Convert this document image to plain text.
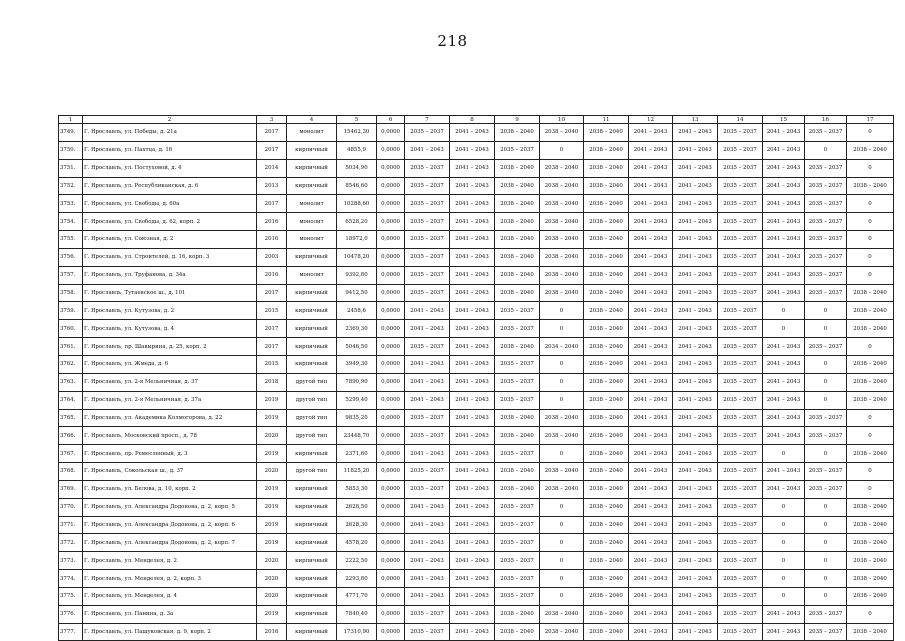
218
1	2	3	4	5	6	7	8	9	10	11	12	13	14	15	16	17
3749.	Г. Ярославль, ул. Победы, д. 21а	2017	монолит	15462,30	0,0000	2035 – 2037	2041 – 2043	2038 – 2040	2038 – 2040	2038 – 2040	2041 – 2043	2041 – 2043	2035 – 2037	2041 – 2043	2035 – 2037	0
3750.	Г. Ярославль, ул. Пахтца, д. 16	2017	кирпичный	4855,9	0,0000	2041 – 2043	2041 – 2043	2035 – 2037	0	2038 – 2040	2041 – 2043	2041 – 2043	2035 – 2037	2041 – 2043	0	2038 – 2040
3751.	Г. Ярославль, ул. Постуховой, д. 4	2014	кирпичный	5034,90	0,0000	2035 – 2037	2041 – 2043	2038 – 2040	2038 – 2040	2038 – 2040	2041 – 2043	2041 – 2043	2035 – 2037	2041 – 2043	2035 – 2037	0
3752.	Г. Ярославль, ул. Республиканская, д. 6	2013	кирпичный	8546,60	0,0000	2035 – 2037	2041 – 2043	2038 – 2040	2038 – 2040	2038 – 2040	2041 – 2043	2041 – 2043	2035 – 2037	2041 – 2043	2035 – 2037	2038 – 2040
3753.	Г. Ярославль, ул. Свободы, д. 60а	2017	монолит	10288,60	0,0000	2035 – 2037	2041 – 2043	2038 – 2040	2038 – 2040	2038 – 2040	2041 – 2043	2041 – 2043	2035 – 2037	2041 – 2043	2035 – 2037	0
3754.	Г. Ярославль, ул. Свободы, д. 62, корп. 2	2016	монолит	6528,20	0,0000	2035 – 2037	2041 – 2043	2038 – 2040	2038 – 2040	2038 – 2040	2041 – 2043	2041 – 2043	2035 – 2037	2041 – 2043	2035 – 2037	0
3755.	Г. Ярославль, ул. Союзная, д. 2	2016	монолит	18972,0	0,0000	2035 – 2037	2041 – 2043	2038 – 2040	2038 – 2040	2038 – 2040	2041 – 2043	2041 – 2043	2035 – 2037	2041 – 2043	2035 – 2037	0
3756.	Г. Ярославль, ул. Строителей, д. 16, корп. 3	2003	кирпичный	10478,20	0,0000	2035 – 2037	2041 – 2043	2038 – 2040	2038 – 2040	2038 – 2040	2041 – 2043	2041 – 2043	2035 – 2037	2041 – 2043	2035 – 2037	0
3757.	Г. Ярославль, ул. Труфанова, д. 34а	2016	монолит	9392,80	0,0000	2035 – 2037	2041 – 2043	2038 – 2040	2038 – 2040	2038 – 2040	2041 – 2043	2041 – 2043	2035 – 2037	2041 – 2043	2035 – 2037	0
3758.	Г. Ярославль, Тутаевское ш., д. 101	2017	кирпичный	9412,50	0,0000	2035 – 2037	2041 – 2043	2038 – 2040	2038 – 2040	2038 – 2040	2041 – 2043	2041 – 2043	2035 – 2037	2041 – 2043	2035 – 2037	2038 – 2040
3759.	Г. Ярославль, ул. Кутузова, д. 2	2015	кирпичный	2458,6	0,0000	2041 – 2043	2041 – 2043	2035 – 2037	0	2038 – 2040	2041 – 2043	2041 – 2043	2035 – 2037	0	0	2038 – 2040
3760.	Г. Ярославль, ул. Кутузова, д. 4	2017	кирпичный	2369,30	0,0000	2041 – 2043	2041 – 2043	2035 – 2037	0	2038 – 2040	2041 – 2043	2041 – 2043	2035 – 2037	0	0	2038 – 2040
3761.	Г. Ярославль, пр. Шавырина, д. 25, корп. 2	2017	кирпичный	5046,50	0,0000	2035 – 2037	2041 – 2043	2038 – 2040	2034 – 2040	2038 – 2040	2041 – 2043	2041 – 2043	2035 – 2037	2041 – 2043	2035 – 2037	0
3762.	Г. Ярославль, ул. Жмеда, д. 6	2015	кирпичный	3949,30	0,0000	2041 – 2043	2041 – 2043	2035 – 2037	0	2038 – 2040	2041 – 2043	2041 – 2043	2035 – 2037	2041 – 2043	0	2038 – 2040
3763.	Г. Ярославль, ул. 2-я Мельничная, д. 37	2018	другой тип	7890,90	0,0000	2041 – 2043	2041 – 2043	2035 – 2037	0	2038 – 2040	2041 – 2043	2041 – 2043	2035 – 2037	2041 – 2043	0	2038 – 2040
3764.	Г. Ярославль, ул. 2-я Мельничная, д. 37а	2019	другой тип	5299,40	0,0000	2041 – 2043	2041 – 2043	2035 – 2037	0	2038 – 2040	2041 – 2043	2041 – 2043	2035 – 2037	2041 – 2043	0	2038 – 2040
3765.	Г. Ярославль, ул. Академика Колмогорова, д. 22	2019	другой тип	9835,20	0,0000	2035 – 2037	2041 – 2043	2038 – 2040	2038 – 2040	2038 – 2040	2041 – 2043	2041 – 2043	2035 – 2037	2041 – 2043	2035 – 2037	0
3766.	Г. Ярославль, Московский просп., д. 78	2020	другой тип	23448,70	0,0000	2035 – 2037	2041 – 2043	2038 – 2040	2038 – 2040	2038 – 2040	2041 – 2043	2041 – 2043	2035 – 2037	2041 – 2043	2035 – 2037	0
3767.	Г. Ярославль, пр. Ремесленный, д. 3	2019	кирпичный	2371,60	0,0000	2041 – 2043	2041 – 2043	2035 – 2037	0	2038 – 2040	2041 – 2043	2041 – 2043	2035 – 2037	0	0	2038 – 2040
3768.	Г. Ярославль, Сокольская ш., д. 37	2020	другой тип	11825,20	0,0000	2035 – 2037	2041 – 2043	2038 – 2040	2038 – 2040	2038 – 2040	2041 – 2043	2041 – 2043	2035 – 2037	2041 – 2043	2035 – 2037	0
3769.	Г. Ярославль, ул. Белова, д. 10, корп. 2	2019	кирпичный	5853,30	0,0000	2035 – 2037	2041 – 2043	2038 – 2040	2038 – 2040	2038 – 2040	2041 – 2043	2041 – 2043	2035 – 2037	2041 – 2043	2035 – 2037	0
3770.	Г. Ярославль, ул. Александра Додонова, д. 2, корп. 5	2019	кирпичный	2628,50	0,0000	2041 – 2043	2041 – 2043	2035 – 2037	0	2038 – 2040	2041 – 2043	2041 – 2043	2035 – 2037	0	0	2038 – 2040
3771.	Г. Ярославль, ул. Александра Додонова, д. 2, корп. 6	2019	кирпичный	2628,30	0,0000	2041 – 2043	2041 – 2043	2035 – 2037	0	2038 – 2040	2041 – 2043	2041 – 2043	2035 – 2037	0	0	2038 – 2040
3772.	Г. Ярославль, ул. Александра Додонова, д. 2, корп. 7	2019	кирпичный	4578,20	0,0000	2041 – 2043	2041 – 2043	2035 – 2037	0	2038 – 2040	2041 – 2043	2041 – 2043	2035 – 2037	0	0	2038 – 2040
3773.	Г. Ярославль, ул. Менделея, д. 2	2020	кирпичный	2222,50	0,0000	2041 – 2043	2041 – 2043	2035 – 2037	0	2038 – 2040	2041 – 2043	2041 – 2043	2035 – 2037	0	0	2038 – 2040
3774.	Г. Ярославль, ул. Менделея, д. 2, корп. 3	2020	кирпичный	2293,80	0,0000	2041 – 2043	2041 – 2043	2035 – 2037	0	2038 – 2040	2041 – 2043	2041 – 2043	2035 – 2037	0	0	2038 – 2040
3775.	Г. Ярославль, ул. Менделея, д. 4	2020	кирпичный	4771,70	0,0000	2041 – 2043	2041 – 2043	2035 – 2037	0	2038 – 2040	2041 – 2043	2041 – 2043	2035 – 2037	0	0	2038 – 2040
3776.	Г. Ярославль, ул. Панина, д. 3а	2019	кирпичный	7840,40	0,0000	2035 – 2037	2041 – 2043	2038 – 2040	2038 – 2040	2038 – 2040	2041 – 2043	2041 – 2043	2035 – 2037	2041 – 2043	2035 – 2037	0
3777.	Г. Ярославль, ул. Пашуковская, д. 9, корп. 2	2016	кирпичный	17310,90	0,0000	2035 – 2037	2041 – 2043	2038 – 2040	2038 – 2040	2038 – 2040	2041 – 2043	2041 – 2043	2035 – 2037	2041 – 2043	2035 – 2037	2038 – 2040
